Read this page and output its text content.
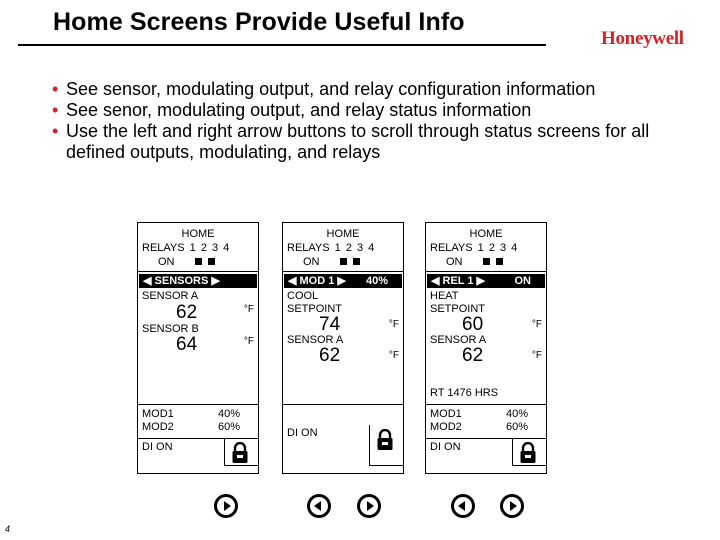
Home Screens Provide Useful Info
Honeywell
• See sensor, modulating output, and relay configuration information
• See senor, modulating output, and relay status information
• Use the left and right arrow buttons to scroll through status screens for all defined outputs, modulating, and relays
HOME
RELAYS 1 2 3 4
ON
◀ SENSORS ▶
SENSOR A
62	°F
SENSOR B
64	°F
MOD1	40%
MOD2	60%
DI ON
HOME
RELAYS 1 2 3 4
ON
◀ MOD 1 ▶ 40%
COOL
SETPOINT
74	°F
SENSOR A
62	°F
DI ON
HOME
RELAYS 1 2 3 4
ON
◀ REL 1 ▶	ON
HEAT
SETPOINT
60	°F
SENSOR A
62	°F
RT 1476 HRS
MOD1	40%
MOD2	60%
DI ON
4
